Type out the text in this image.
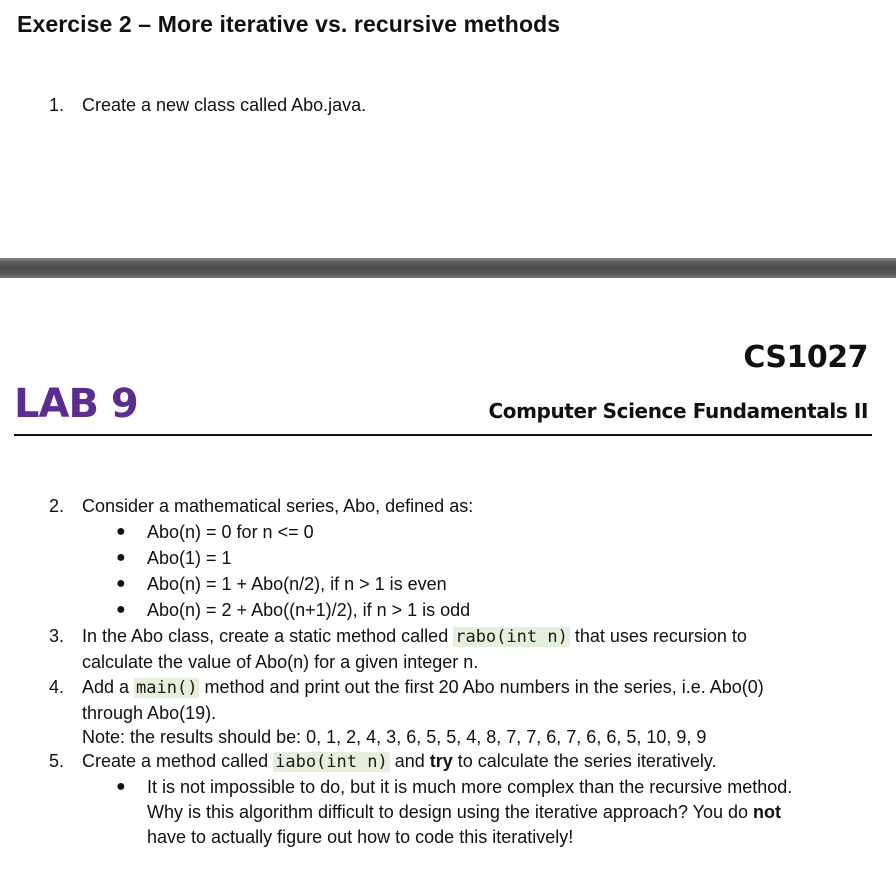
Exercise 2 – More iterative vs. recursive methods
1. Create a new class called Abo.java.
CS1027
LAB 9	Computer Science Fundamentals II
2. Consider a mathematical series, Abo, defined as:
● Abo(n) = 0 for n <= 0
● Abo(1) = 1
● Abo(n) = 1 + Abo(n/2), if n > 1 is even
● Abo(n) = 2 + Abo((n+1)/2), if n > 1 is odd
3. In the Abo class, create a static method called rabo(int n) that uses recursion to
calculate the value of Abo(n) for a given integer n.
4. Add a main() method and print out the first 20 Abo numbers in the series, i.e. Abo(0)
through Abo(19).
Note: the results should be: 0, 1, 2, 4, 3, 6, 5, 5, 4, 8, 7, 7, 6, 7, 6, 6, 5, 10, 9, 9
5. Create a method called iabo(int n) and try to calculate the series iteratively.
● It is not impossible to do, but it is much more complex than the recursive method.
Why is this algorithm difficult to design using the iterative approach? You do not
have to actually figure out how to code this iteratively!
